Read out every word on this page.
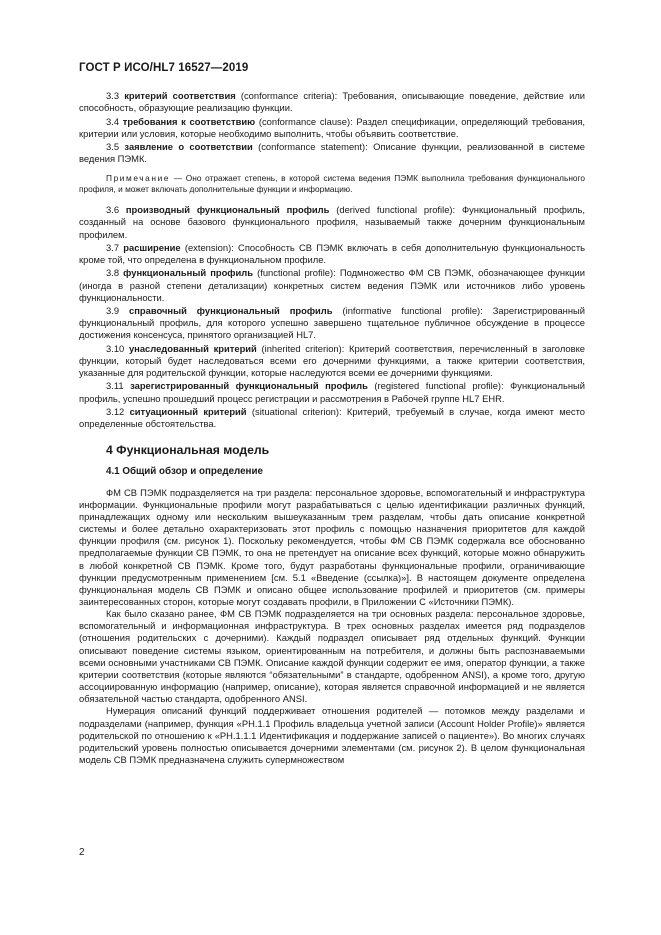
ГОСТ Р ИСО/HL7 16527—2019

3.3 критерий соответствия (conformance criteria): Требования, описывающие поведение, действие или способность, образующие реализацию функции.

3.4 требования к соответствию (conformance clause): Раздел спецификации, определяющий требования, критерии или условия, которые необходимо выполнить, чтобы объявить соответствие.

3.5 заявление о соответствии (conformance statement): Описание функции, реализованной в системе ведения ПЭМК.

Примечание — Оно отражает степень, в которой система ведения ПЭМК выполнила требования функционального профиля, и может включать дополнительные функции и информацию.

3.6 производный функциональный профиль (derived functional profile): Функциональный профиль, созданный на основе базового функционального профиля, называемый также дочерним функциональным профилем.

3.7 расширение (extension): Способность СВ ПЭМК включать в себя дополнительную функциональность кроме той, что определена в функциональном профиле.

3.8 функциональный профиль (functional profile): Подмножество ФМ СВ ПЭМК, обозначающее функции (иногда в разной степени детализации) конкретных систем ведения ПЭМК или источников либо уровень функциональности.

3.9 справочный функциональный профиль (informative functional profile): Зарегистрированный функциональный профиль, для которого успешно завершено тщательное публичное обсуждение в процессе достижения консенсуса, принятого организацией HL7.

3.10 унаследованный критерий (inherited criterion): Критерий соответствия, перечисленный в заголовке функции, который будет наследоваться всеми его дочерними функциями, а также критерии соответствия, указанные для родительской функции, которые наследуются всеми ее дочерними функциями.

3.11 зарегистрированный функциональный профиль (registered functional profile): Функциональный профиль, успешно прошедший процесс регистрации и рассмотрения в Рабочей группе HL7 EHR.

3.12 ситуационный критерий (situational criterion): Критерий, требуемый в случае, когда имеют место определенные обстоятельства.

4 Функциональная модель

4.1 Общий обзор и определение

ФМ СВ ПЭМК подразделяется на три раздела: персональное здоровье, вспомогательный и инфраструктура информации. Функциональные профили могут разрабатываться с целью идентификации различных функций, принадлежащих одному или нескольким вышеуказанным трем разделам, чтобы дать описание конкретной системы и более детально охарактеризовать этот профиль с помощью назначения приоритетов для каждой функции профиля (см. рисунок 1). Поскольку рекомендуется, чтобы ФМ СВ ПЭМК содержала все обоснованно предполагаемые функции СВ ПЭМК, то она не претендует на описание всех функций, которые можно обнаружить в любой конкретной СВ ПЭМК. Кроме того, будут разработаны функциональные профили, ограничивающие функции предусмотренным применением [см. 5.1 «Введение (ссылка)»]. В настоящем документе определена функциональная модель СВ ПЭМК и описано общее использование профилей и приоритетов (см. примеры заинтересованных сторон, которые могут создавать профили, в Приложении С «Источники ПЭМК).

Как было сказано ранее, ФМ СВ ПЭМК подразделяется на три основных раздела: персональное здоровье, вспомогательный и информационная инфраструктура. В трех основных разделах имеется ряд подразделов (отношения родительских с дочерними). Каждый подраздел описывает ряд отдельных функций. Функции описывают поведение системы языком, ориентированным на потребителя, и должны быть распознаваемыми всеми основными участниками СВ ПЭМК. Описание каждой функции содержит ее имя, оператор функции, а также критерии соответствия (которые являются “обязательными” в стандарте, одобренном ANSI), а кроме того, другую ассоциированную информацию (например, описание), которая является справочной информацией и не является обязательной частью стандарта, одобренного ANSI.

Нумерация описаний функций поддерживает отношения родителей — потомков между разделами и подразделами (например, функция «PH.1.1 Профиль владельца учетной записи (Account Holder Profile)» является родительской по отношению к «PH.1.1.1 Идентификация и поддержание записей о пациенте»). Во многих случаях родительский уровень полностью описывается дочерними элементами (см. рисунок 2). В целом функциональная модель СВ ПЭМК предназначена служить супермножеством

2
